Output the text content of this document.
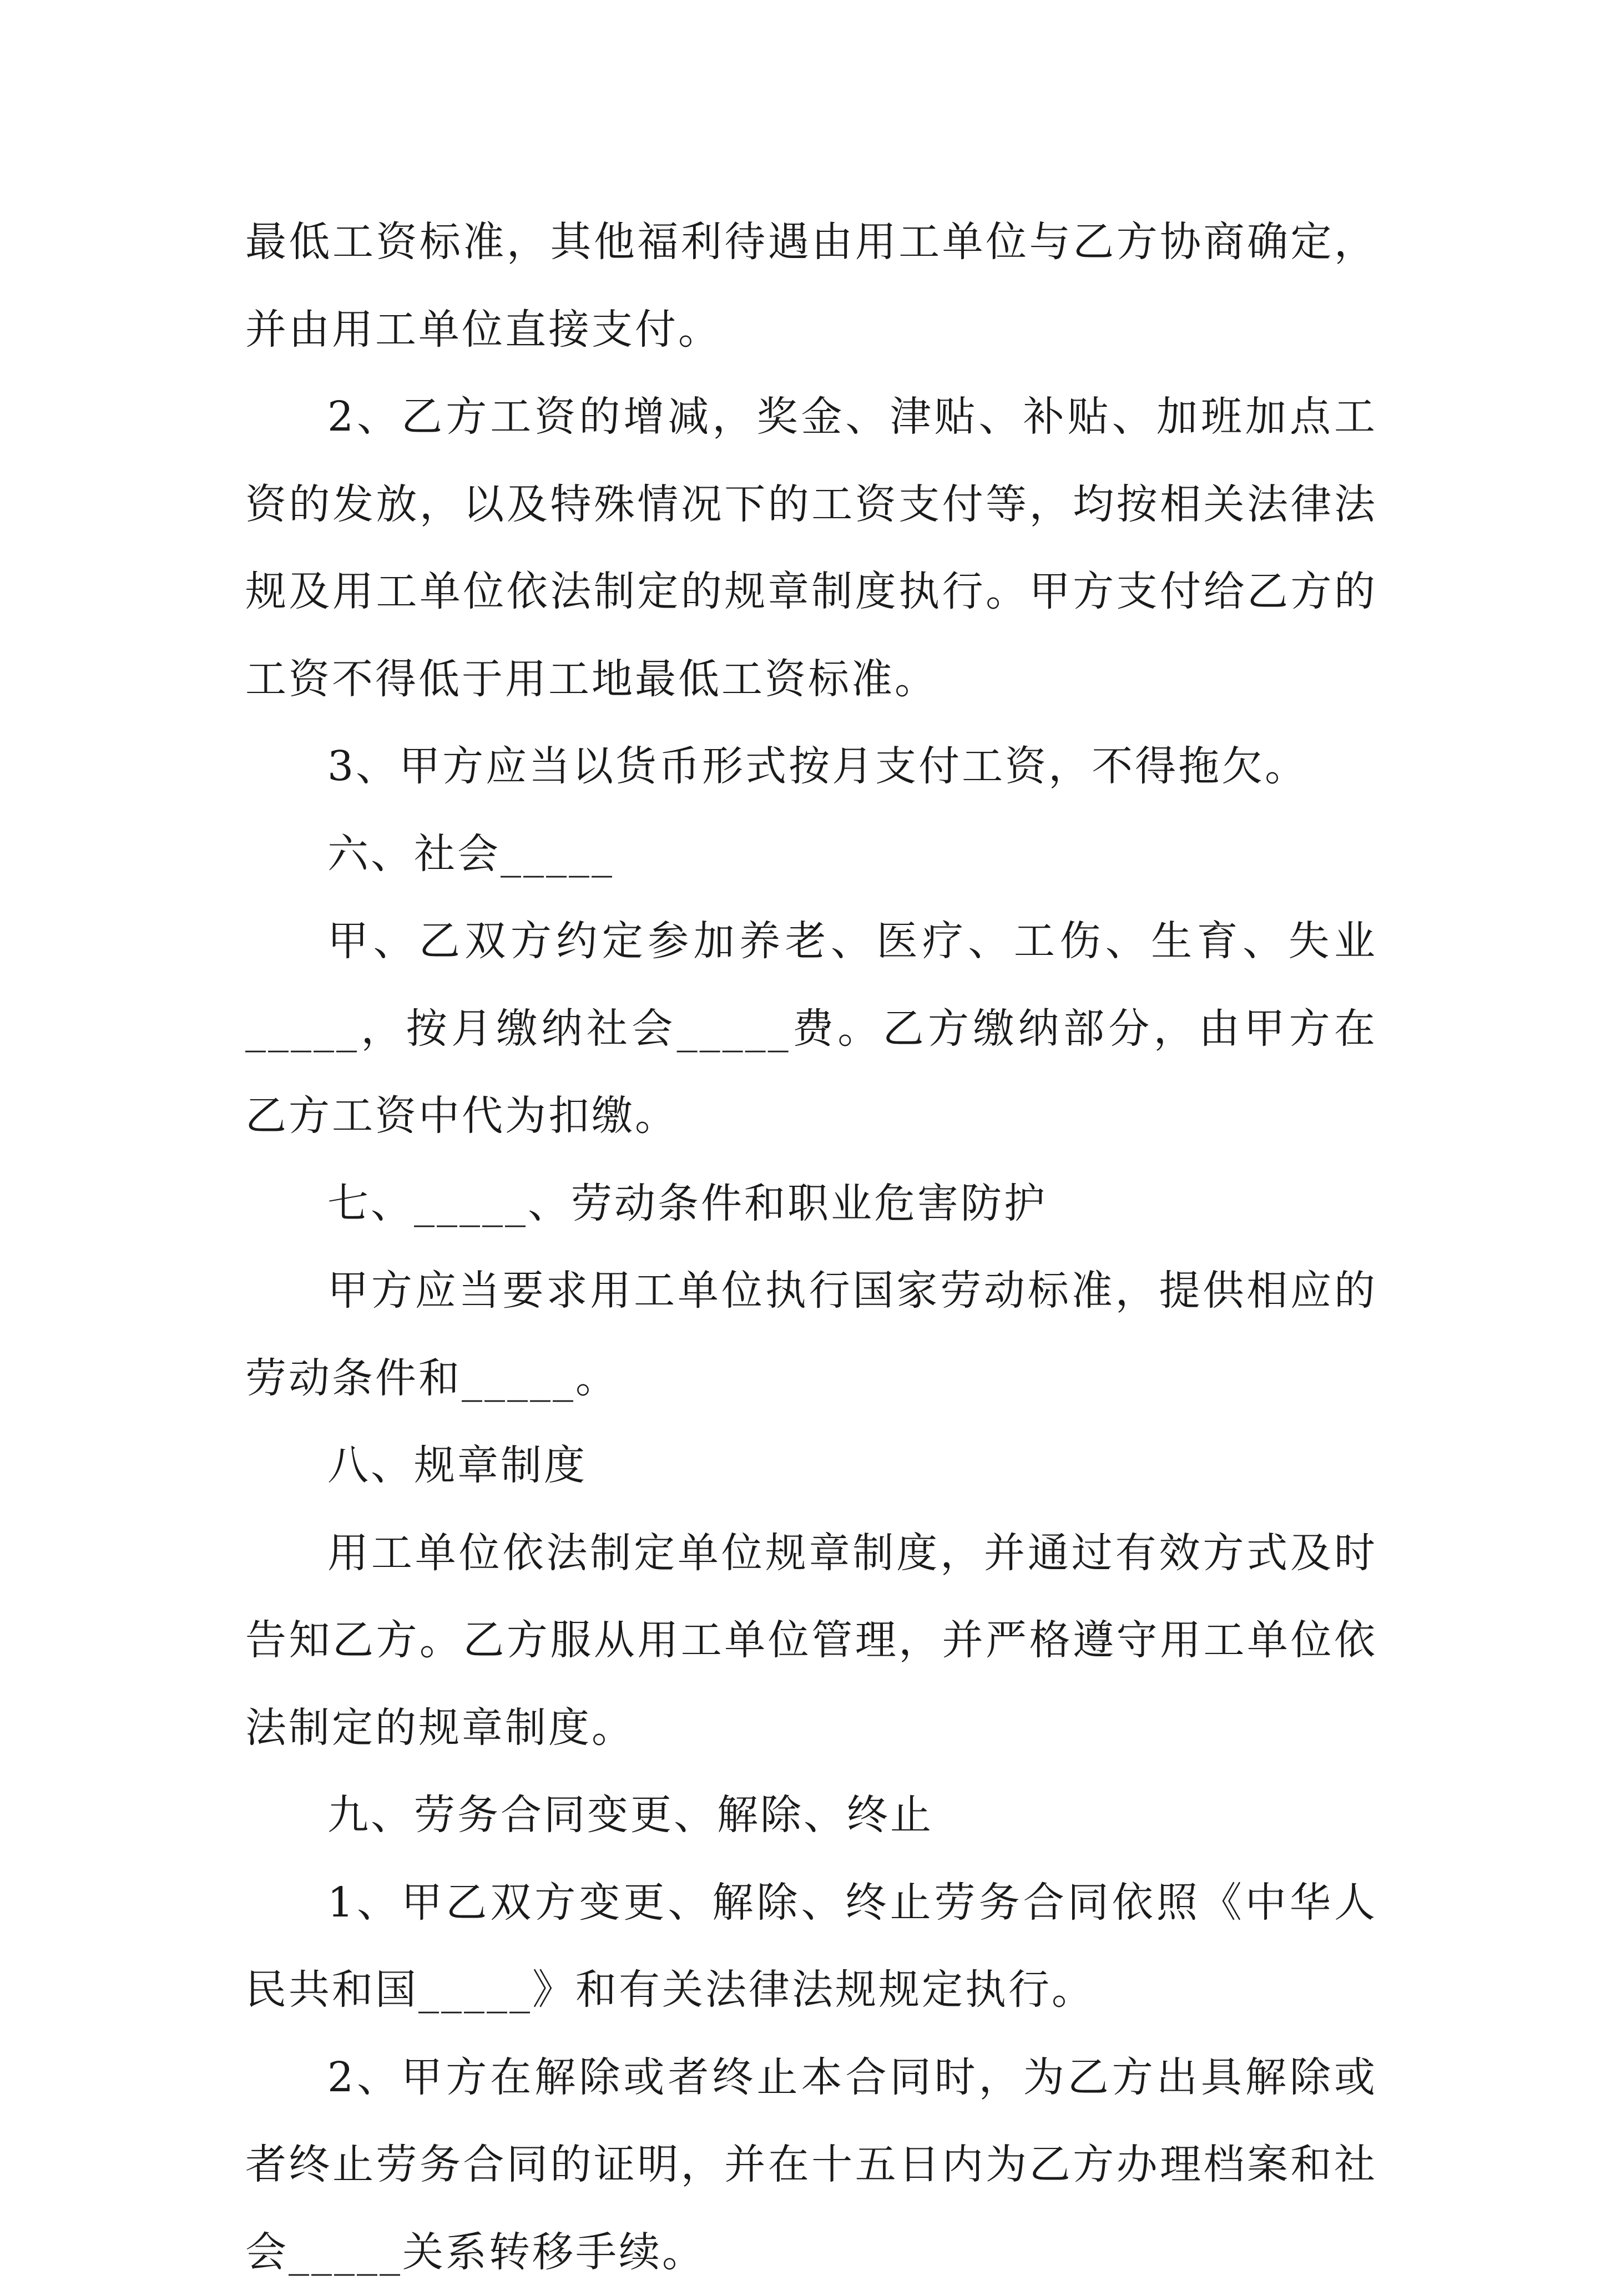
最低工资标准，其他福利待遇由用工单位与乙方协商确定，并由用工单位直接支付。

2、乙方工资的增减，奖金、津贴、补贴、加班加点工资的发放，以及特殊情况下的工资支付等，均按相关法律法规及用工单位依法制定的规章制度执行。甲方支付给乙方的工资不得低于用工地最低工资标准。

3、甲方应当以货币形式按月支付工资，不得拖欠。

六、社会_____

甲、乙双方约定参加养老、医疗、工伤、生育、失业_____，按月缴纳社会_____费。乙方缴纳部分，由甲方在乙方工资中代为扣缴。

七、_____、劳动条件和职业危害防护

甲方应当要求用工单位执行国家劳动标准，提供相应的劳动条件和_____。

八、规章制度

用工单位依法制定单位规章制度，并通过有效方式及时告知乙方。乙方服从用工单位管理，并严格遵守用工单位依法制定的规章制度。

九、劳务合同变更、解除、终止

1、甲乙双方变更、解除、终止劳务合同依照《中华人民共和国_____》和有关法律法规规定执行。

2、甲方在解除或者终止本合同时，为乙方出具解除或者终止劳务合同的证明，并在十五日内为乙方办理档案和社会_____关系转移手续。
